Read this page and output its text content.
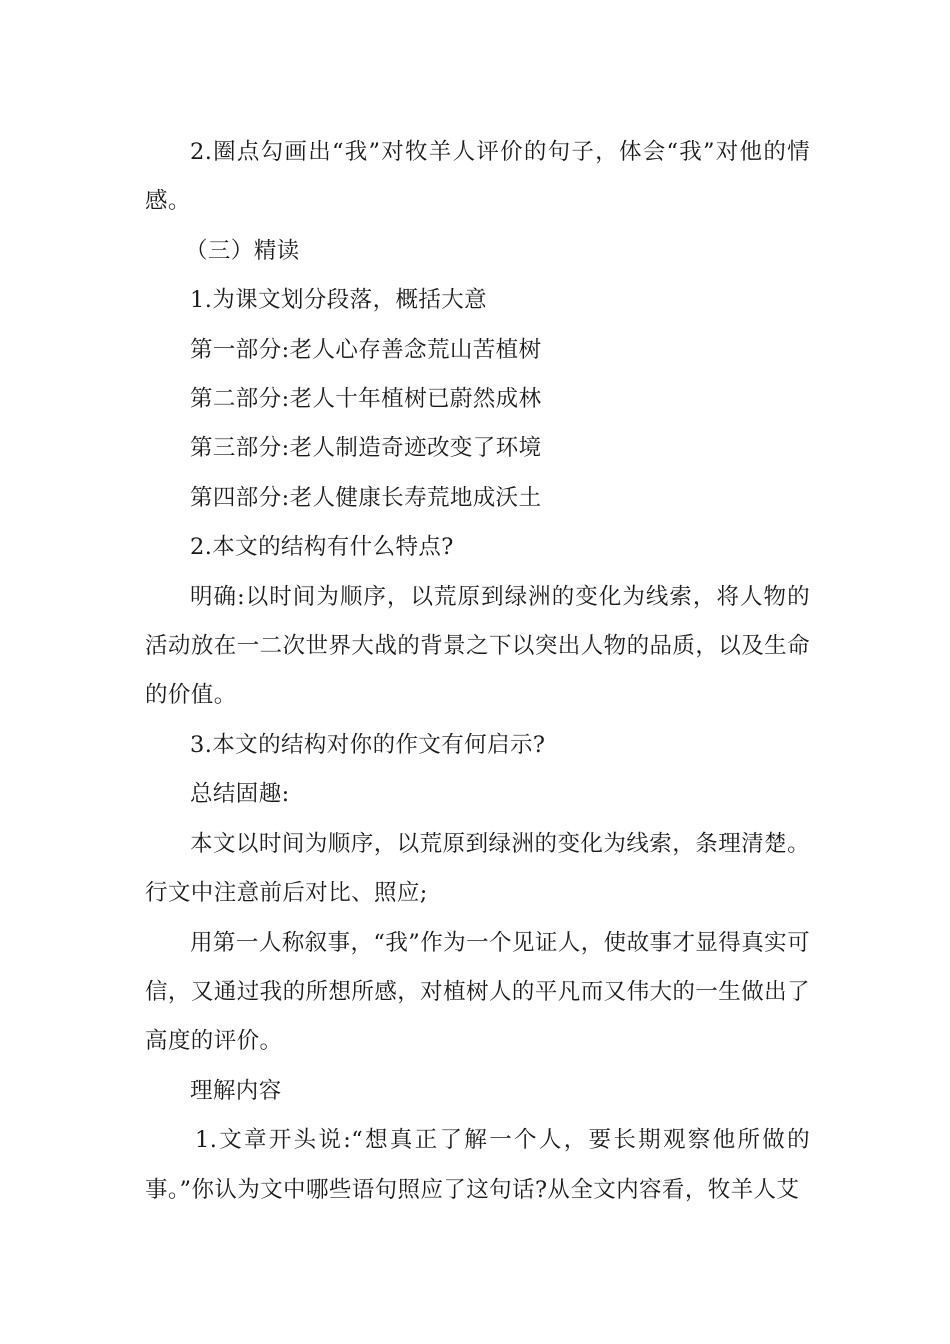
2.圈点勾画出“我”对牧羊人评价的句子，体会“我”对他的情感。

（三）精读

1.为课文划分段落，概括大意

第一部分:老人心存善念荒山苦植树

第二部分:老人十年植树已蔚然成林

第三部分:老人制造奇迹改变了环境

第四部分:老人健康长寿荒地成沃土

2.本文的结构有什么特点?

明确:以时间为顺序，以荒原到绿洲的变化为线索，将人物的活动放在一二次世界大战的背景之下以突出人物的品质，以及生命的价值。

3.本文的结构对你的作文有何启示?

总结固趣:

本文以时间为顺序，以荒原到绿洲的变化为线索，条理清楚。行文中注意前后对比、照应;

用第一人称叙事，“我”作为一个见证人，使故事才显得真实可信，又通过我的所想所感，对植树人的平凡而又伟大的一生做出了高度的评价。

理解内容

1.文章开头说:“想真正了解一个人，要长期观察他所做的事。”你认为文中哪些语句照应了这句话?从全文内容看，牧羊人艾
